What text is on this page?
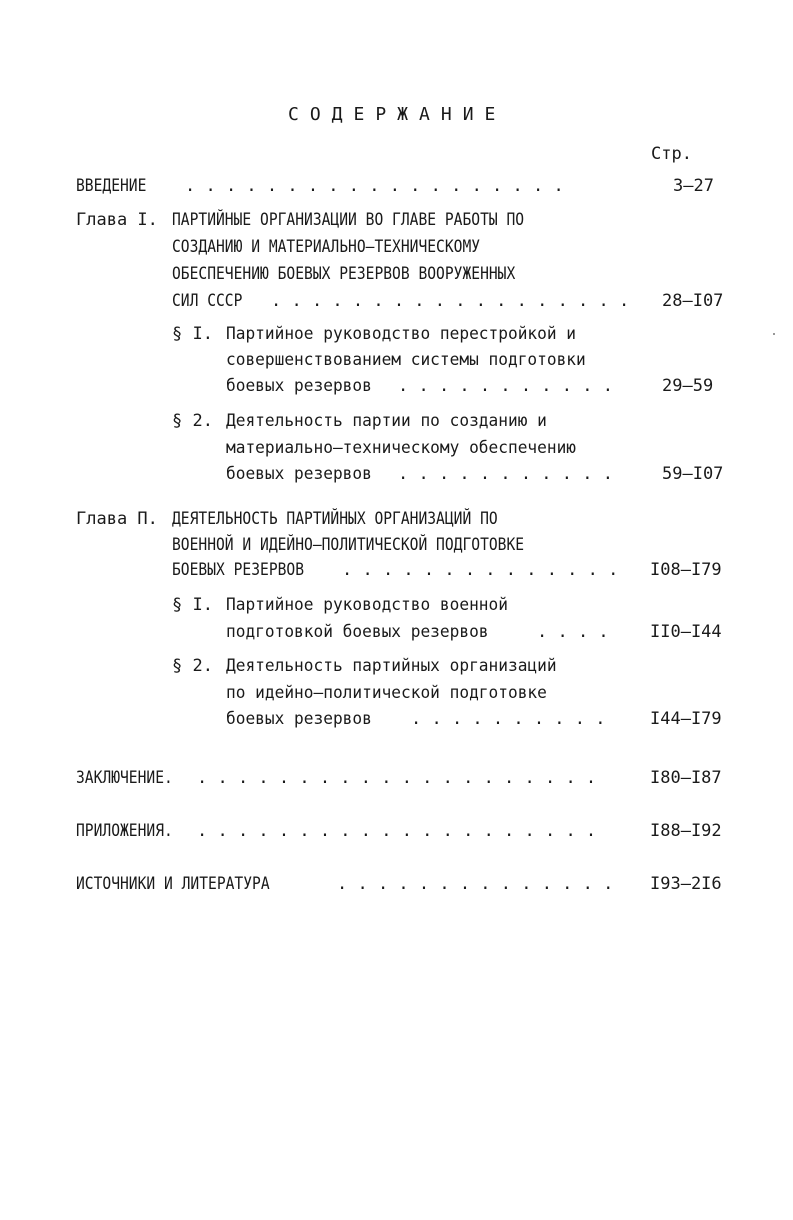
СОДЕРЖАНИЕ
Стр.
ВВЕДЕНИЕ	. . . . . . . . . . . . . . . . . . .	3–27
Глава I. ПАРТИЙНЫЕ ОРГАНИЗАЦИИ ВО ГЛАВЕ РАБОТЫ ПО
СОЗДАНИЮ И МАТЕРИАЛЬНО–ТЕХНИЧЕСКОМУ
ОБЕСПЕЧЕНИЮ БОЕВЫХ РЕЗЕРВОВ ВООРУЖЕННЫХ
СИЛ СССР	. . . . . . . . . . . . . . . . . . 28–I07
§ I. Партийное руководство перестройкой и
совершенствованием системы подготовки
боевых резервов	. . . . . . . . . . .	29–59
§ 2. Деятельность партии по созданию и
материально–техническому обеспечению
боевых резервов	. . . . . . . . . . .	59–I07
Глава П. ДЕЯТЕЛЬНОСТЬ ПАРТИЙНЫХ ОРГАНИЗАЦИЙ ПО
ВОЕННОЙ И ИДЕЙНО–ПОЛИТИЧЕСКОЙ ПОДГОТОВКЕ
БОЕВЫХ РЕЗЕРВОВ	. . . . . . . . . . . . . . I08–I79
§ I. Партийное руководство военной
подготовкой боевых резервов	. . . . II0–I44
§ 2. Деятельность партийных организаций
по идейно–политической подготовке
боевых резервов	. . . . . . . . . .	I44–I79
ЗАКЛЮЧЕНИЕ.	. . . . . . . . . . . . . . . . . . . .	I80–I87
ПРИЛОЖЕНИЯ.	. . . . . . . . . . . . . . . . . . . .	I88–I92
ИСТОЧНИКИ И ЛИТЕРАТУРА	. . . . . . . . . . . . . . I93–2I6
